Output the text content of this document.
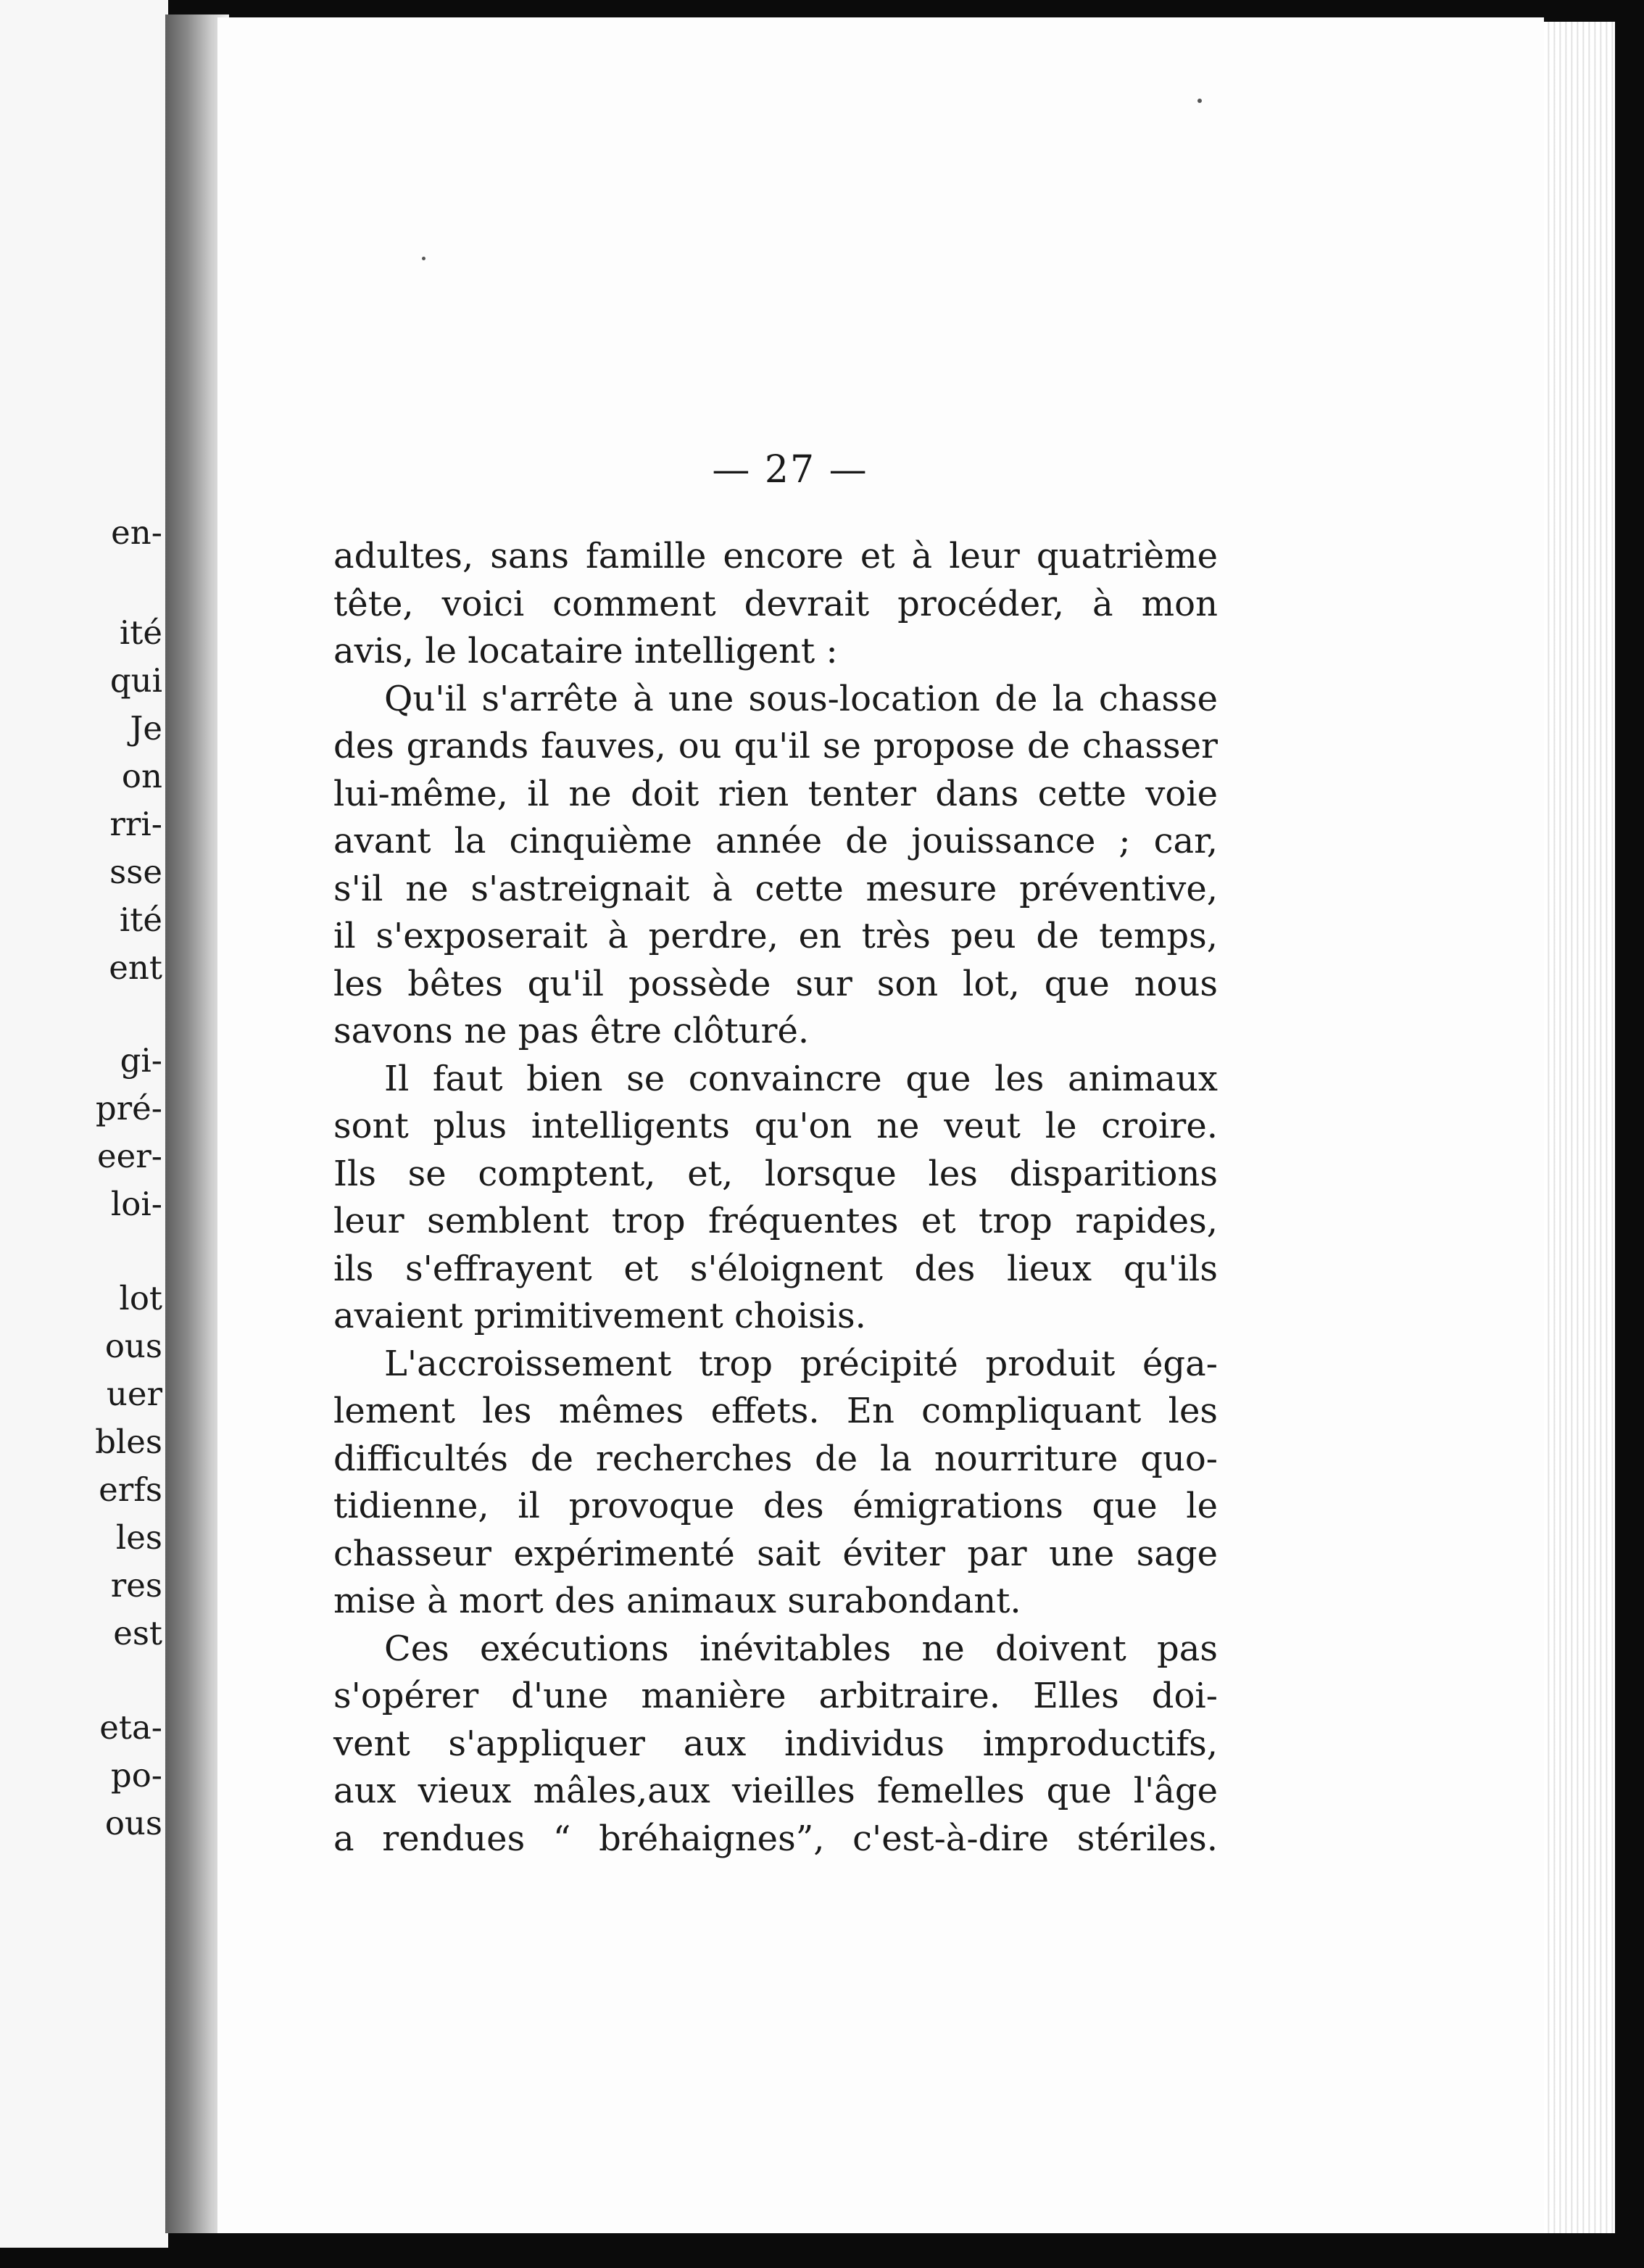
en-
ité
qui
Je
on
rri-
sse
ité
ent
gi-
pré-
eer-
loi-
lot
ous
uer
bles
erfs
les
res
est
eta-
po-
ous
— 27 —
adultes, sans famille encore et à leur quatrième
tête, voici comment devrait procéder, à mon
avis, le locataire intelligent :
Qu'il s'arrête à une sous-location de la chasse
des grands fauves, ou qu'il se propose de chasser
lui-même, il ne doit rien tenter dans cette voie
avant la cinquième année de jouissance ; car,
s'il ne s'astreignait à cette mesure préventive,
il s'exposerait à perdre, en très peu de temps,
les bêtes qu'il possède sur son lot, que nous
savons ne pas être clôturé.
Il faut bien se convaincre que les animaux
sont plus intelligents qu'on ne veut le croire.
Ils se comptent, et, lorsque les disparitions
leur semblent trop fréquentes et trop rapides,
ils s'effrayent et s'éloignent des lieux qu'ils
avaient primitivement choisis.
L'accroissement trop précipité produit éga-
lement les mêmes effets. En compliquant les
difficultés de recherches de la nourriture quo-
tidienne, il provoque des émigrations que le
chasseur expérimenté sait éviter par une sage
mise à mort des animaux surabondant.
Ces exécutions inévitables ne doivent pas
s'opérer d'une manière arbitraire. Elles doi-
vent s'appliquer aux individus improductifs,
aux vieux mâles,aux vieilles femelles que l'âge
a rendues “ bréhaignes”, c'est-à-dire stériles.
